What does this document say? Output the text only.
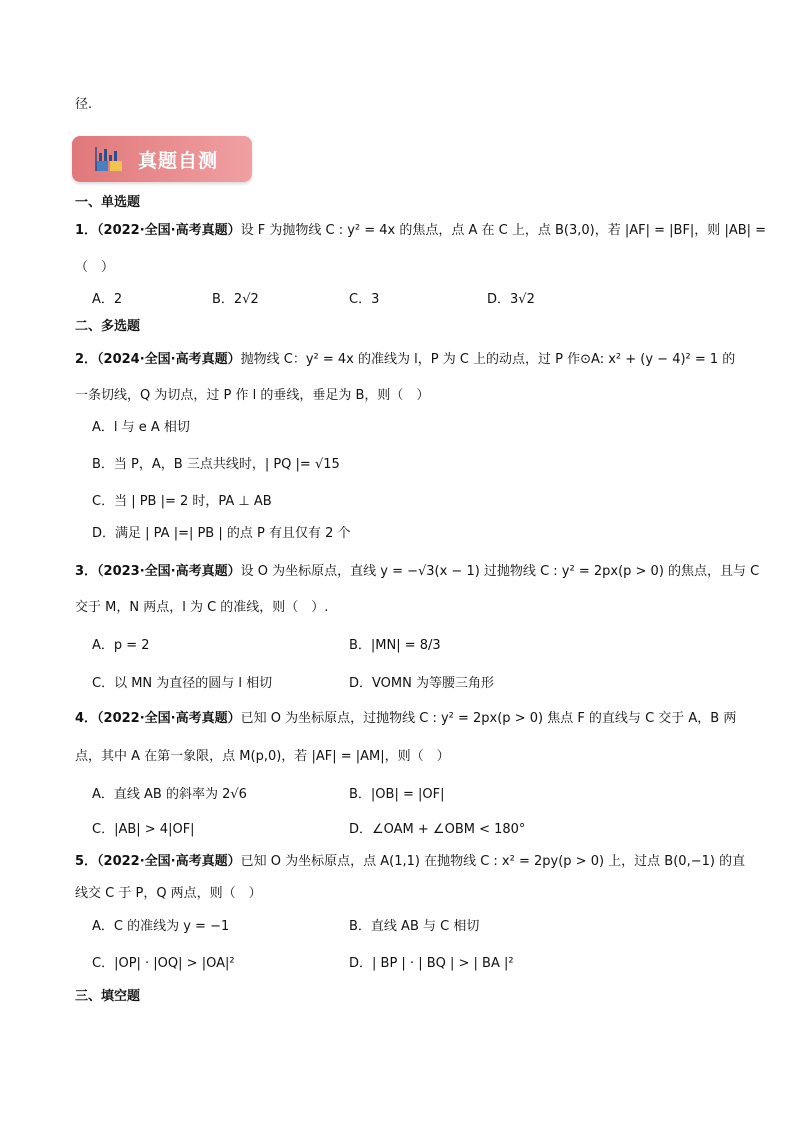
径.
真题自测
一、单选题
1．（2022·全国·高考真题）设 F 为抛物线 C : y² = 4x 的焦点，点 A 在 C 上，点 B(3,0)，若 |AF| = |BF|，则 |AB| =
（　）
A．2	B．2√2	C．3	D．3√2
二、多选题
2．（2024·全国·高考真题）抛物线 C：y² = 4x 的准线为 l，P 为 C 上的动点，过 P 作⊙A: x² + (y − 4)² = 1 的
一条切线，Q 为切点，过 P 作 l 的垂线，垂足为 B，则（　）
A．l 与 e A 相切
B．当 P，A，B 三点共线时，| PQ |= √15
C．当 | PB |= 2 时，PA ⊥ AB
D．满足 | PA |=| PB | 的点 P 有且仅有 2 个
3．（2023·全国·高考真题）设 O 为坐标原点，直线 y = −√3(x − 1) 过抛物线 C : y² = 2px(p > 0) 的焦点，且与 C
交于 M，N 两点，l 为 C 的准线，则（　）.
A．p = 2	B．|MN| = 8/3
C．以 MN 为直径的圆与 l 相切	D．VOMN 为等腰三角形
4．（2022·全国·高考真题）已知 O 为坐标原点，过抛物线 C : y² = 2px(p > 0) 焦点 F 的直线与 C 交于 A，B 两
点，其中 A 在第一象限，点 M(p,0)，若 |AF| = |AM|，则（　）
A．直线 AB 的斜率为 2√6	B．|OB| = |OF|
C．|AB| > 4|OF|	D．∠OAM + ∠OBM < 180°
5．（2022·全国·高考真题）已知 O 为坐标原点，点 A(1,1) 在抛物线 C : x² = 2py(p > 0) 上，过点 B(0,−1) 的直
线交 C 于 P，Q 两点，则（　）
A．C 的准线为 y = −1	B．直线 AB 与 C 相切
C．|OP| · |OQ| > |OA|²	D．| BP | · | BQ | > | BA |²
三、填空题
